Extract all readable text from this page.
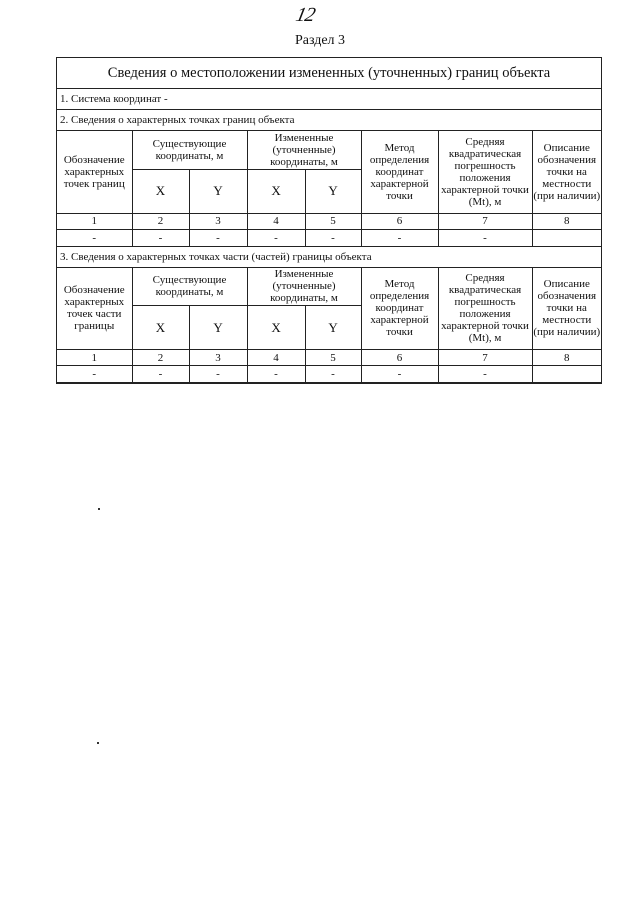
12
Раздел 3
Сведения о местоположении измененных (уточненных) границ объекта
1. Система координат -
2. Сведения о характерных точках границ объекта
Обозначение характерных точек границ	Существующие координаты, м		Измененные (уточненные) координаты, м		Метод определения координат характерной точки	Средняя квадратическая погрешность положения характерной точки (Mt), м	Описание обозначения точки на местности (при наличии)
	X	Y	X	Y			
1	2	3	4	5	6	7	8
-	-	-	-	-	-	-	
3. Сведения о характерных точках части (частей) границы объекта
Обозначение характерных точек части границы	Существующие координаты, м		Измененные (уточненные) координаты, м		Метод определения координат характерной точки	Средняя квадратическая погрешность положения характерной точки (Mt), м	Описание обозначения точки на местности (при наличии)
	X	Y	X	Y			
1	2	3	4	5	6	7	8
-	-	-	-	-	-	-	
